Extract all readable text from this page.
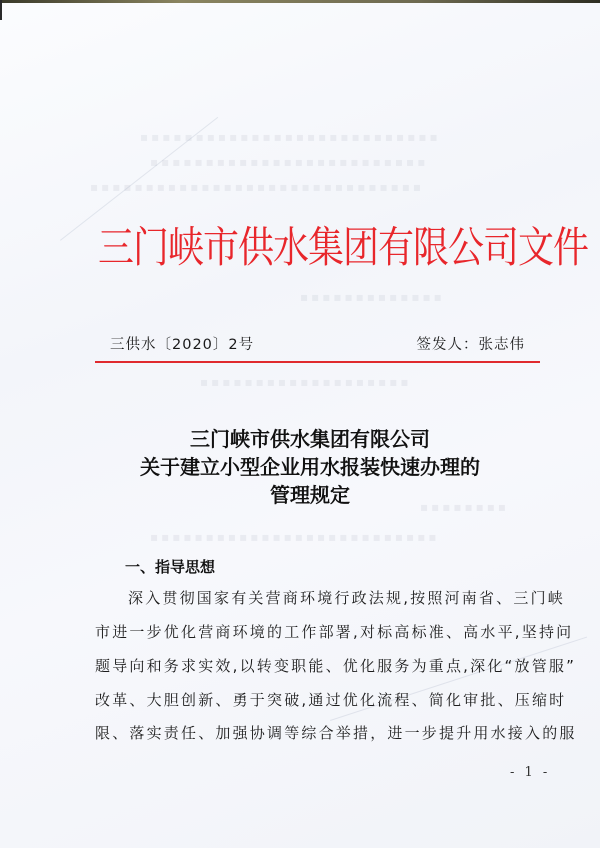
▪▪▪▪▪▪▪▪▪▪▪▪▪▪▪▪▪▪▪▪▪▪▪▪▪▪▪
▪▪▪▪▪▪▪▪▪▪▪▪▪▪▪▪▪▪▪▪▪▪▪▪▪
▪▪▪▪▪▪▪▪▪▪▪▪▪▪▪▪▪▪▪▪▪▪▪▪▪▪▪▪▪▪
▪▪▪▪▪▪▪▪▪▪▪▪▪
▪▪▪▪▪▪▪▪▪▪▪▪▪▪▪▪▪▪▪
▪▪▪▪▪▪▪▪
▪▪▪▪▪▪▪▪▪▪▪▪▪▪▪▪▪▪▪▪▪▪▪▪▪▪
三门峡市供水集团有限公司文件
三供水〔2020〕2号	签发人：张志伟
三门峡市供水集团有限公司
关于建立小型企业用水报装快速办理的
管理规定
一、指导思想
深入贯彻国家有关营商环境行政法规,按照河南省、三门峡
市进一步优化营商环境的工作部署,对标高标准、高水平,坚持问
题导向和务求实效,以转变职能、优化服务为重点,深化“放管服”
改革、大胆创新、勇于突破,通过优化流程、简化审批、压缩时
限、落实责任、加强协调等综合举措，进一步提升用水接入的服
- 1 -
